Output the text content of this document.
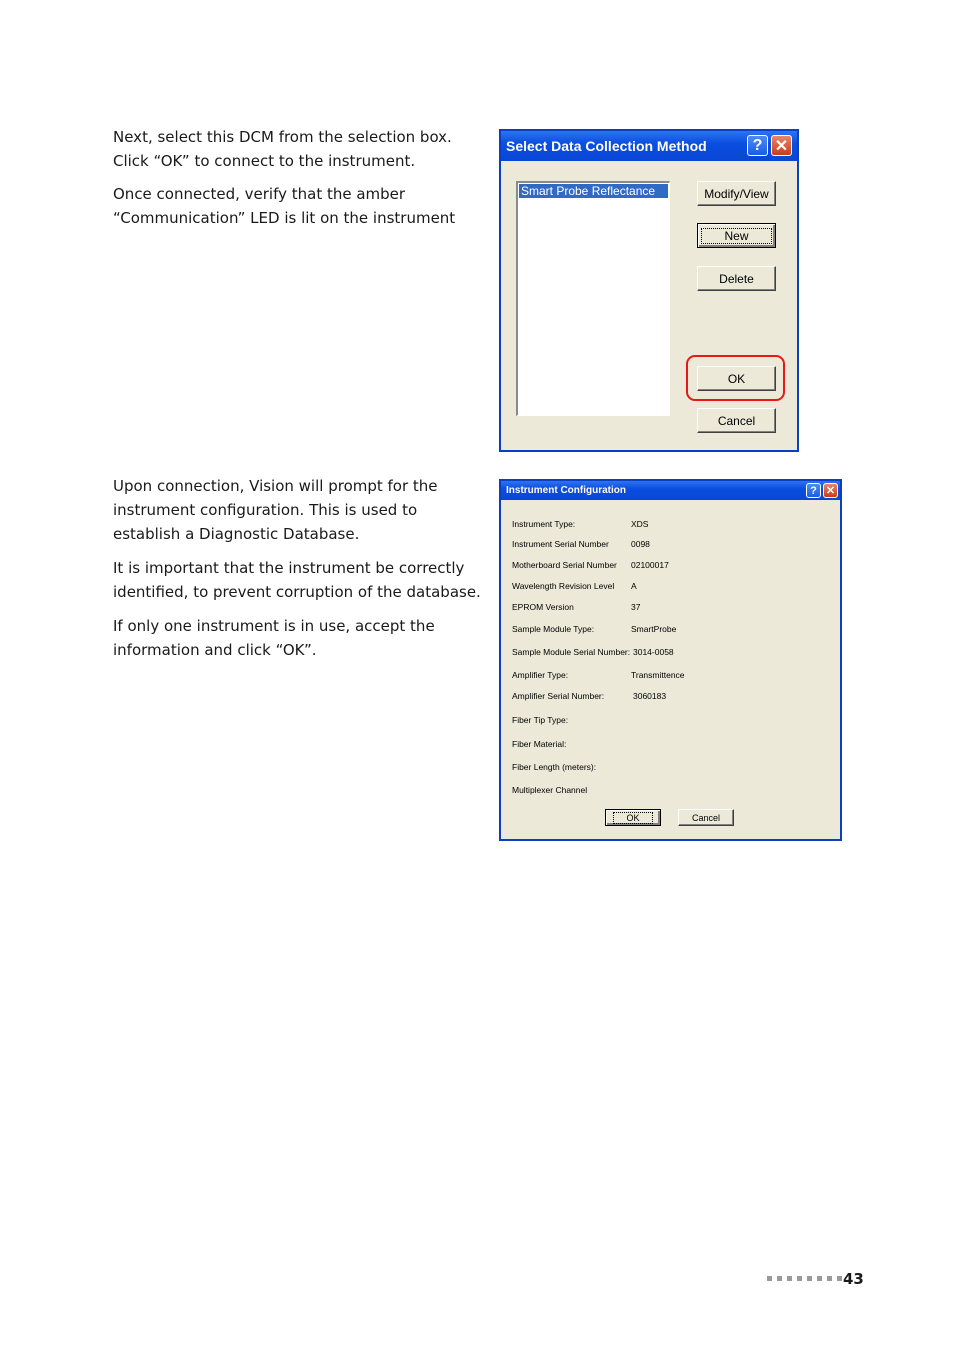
Next, select this DCM from the selection box. Click “OK” to connect to the instrument.

Once connected, verify that the amber “Communication” LED is lit on the instrument

Select Data Collection Method	? ✕
Smart Probe Reflectance	Modify/View
New
Delete
OK
Cancel

Upon connection, Vision will prompt for the instrument configuration. This is used to establish a Diagnostic Database.

It is important that the instrument be correctly identified, to prevent corruption of the database.

If only one instrument is in use, accept the information and click “OK”.

Instrument Configuration	? ✕
Instrument Type:	XDS
Instrument Serial Number	0098
Motherboard Serial Number 02100017
Wavelength Revision Level A
EPROM Version	37
Sample Module Type:	SmartProbe
Sample Module Serial Number: 3014-0058
Amplifier Type:	Transmittence
Amplifier Serial Number:	3060183
Fiber Tip Type:
Fiber Material:
Fiber Length (meters):
Multiplexer Channel
OK	Cancel
43
